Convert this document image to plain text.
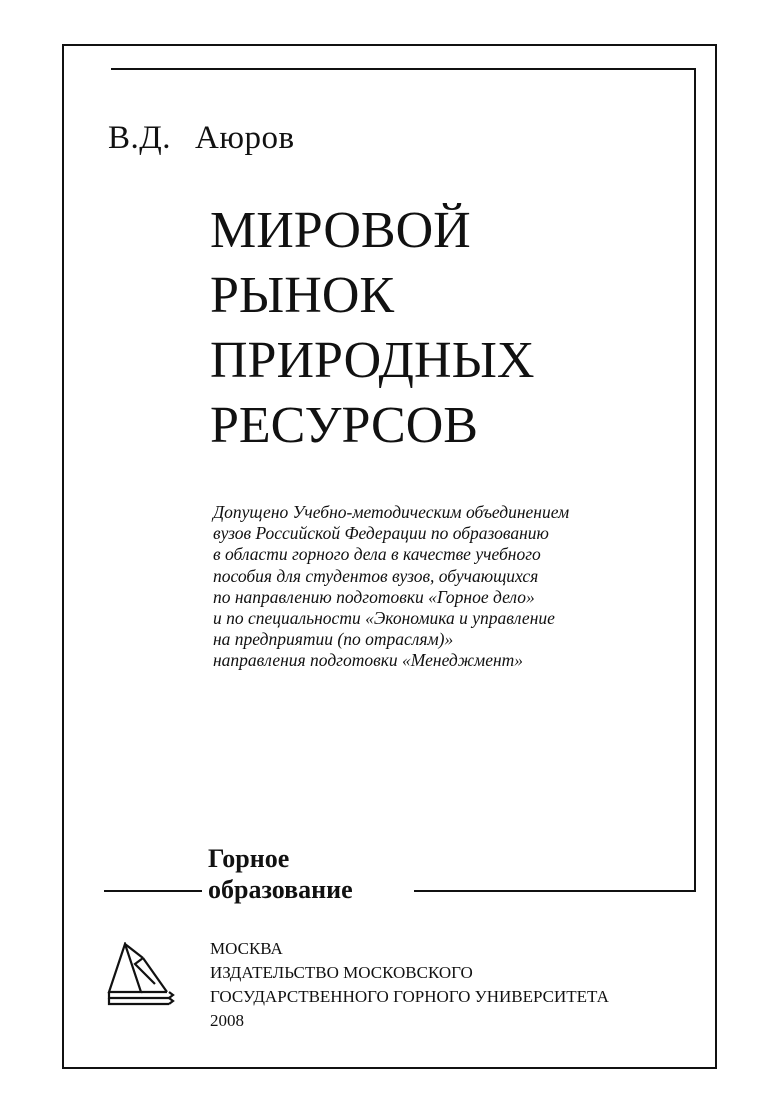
В.Д. Аюров
МИРОВОЙ
РЫНОК
ПРИРОДНЫХ
РЕСУРСОВ
Допущено Учебно-методическим объединением
вузов Российской Федерации по образованию
в области горного дела в качестве учебного
пособия для студентов вузов, обучающихся
по направлению подготовки «Горное дело»
и по специальности «Экономика и управление
на предприятии (по отраслям)»
направления подготовки «Менеджмент»
Горное
образование
МОСКВА
ИЗДАТЕЛЬСТВО МОСКОВСКОГО
ГОСУДАРСТВЕННОГО ГОРНОГО УНИВЕРСИТЕТА
2008
